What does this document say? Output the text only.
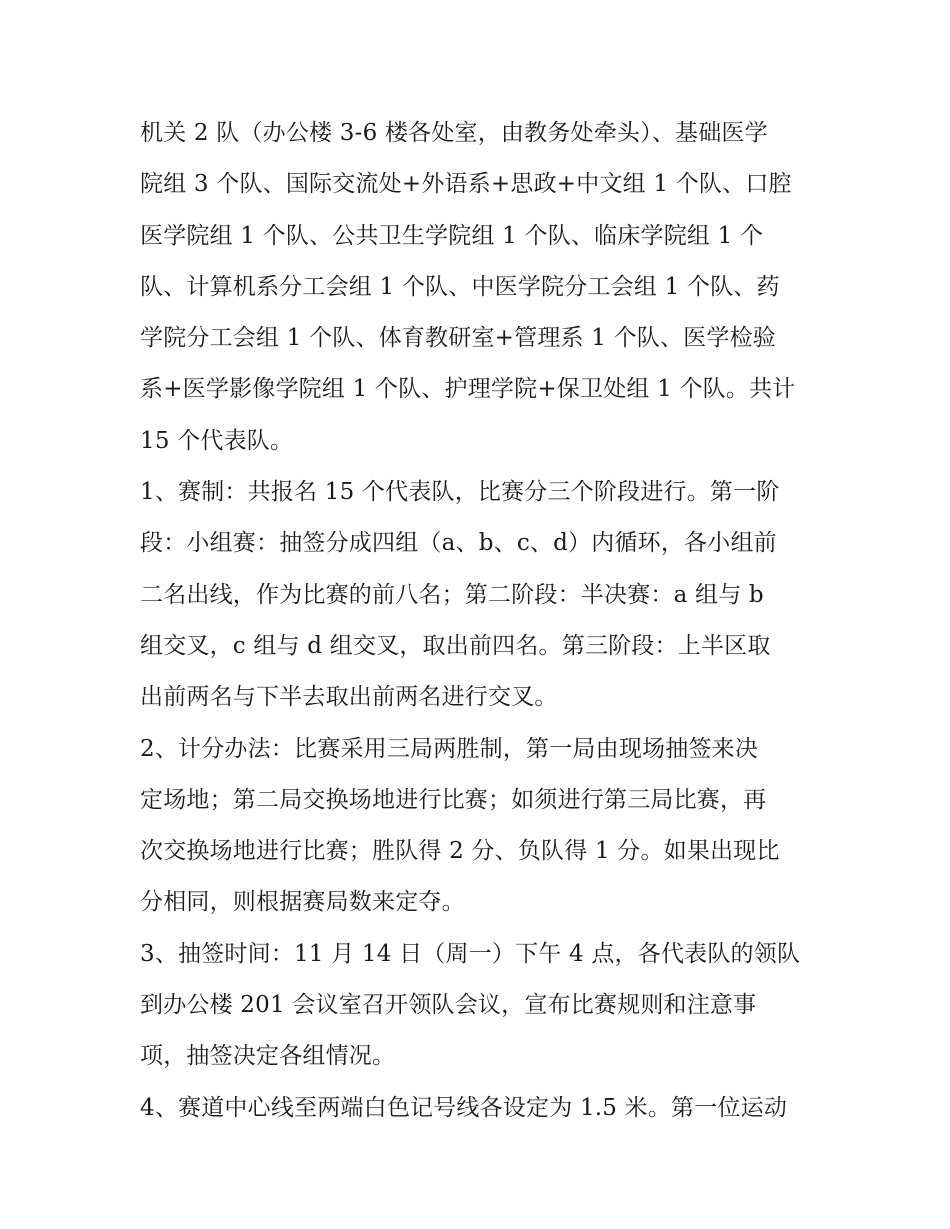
机关 2 队（办公楼 3-6 楼各处室，由教务处牵头）、基础医学
院组 3 个队、国际交流处+外语系+思政+中文组 1 个队、口腔
医学院组 1 个队、公共卫生学院组 1 个队、临床学院组 1 个
队、计算机系分工会组 1 个队、中医学院分工会组 1 个队、药
学院分工会组 1 个队、体育教研室+管理系 1 个队、医学检验
系+医学影像学院组 1 个队、护理学院+保卫处组 1 个队。共计
15 个代表队。
1、赛制：共报名 15 个代表队，比赛分三个阶段进行。第一阶
段：小组赛：抽签分成四组（a、b、c、d）内循环，各小组前
二名出线，作为比赛的前八名；第二阶段：半决赛：a 组与 b
组交叉，c 组与 d 组交叉，取出前四名。第三阶段：上半区取
出前两名与下半去取出前两名进行交叉。
2、计分办法：比赛采用三局两胜制，第一局由现场抽签来决
定场地；第二局交换场地进行比赛；如须进行第三局比赛，再
次交换场地进行比赛；胜队得 2 分、负队得 1 分。如果出现比
分相同，则根据赛局数来定夺。
3、抽签时间：11 月 14 日（周一）下午 4 点，各代表队的领队
到办公楼 201 会议室召开领队会议，宣布比赛规则和注意事
项，抽签决定各组情况。
4、赛道中心线至两端白色记号线各设定为 1.5 米。第一位运动
